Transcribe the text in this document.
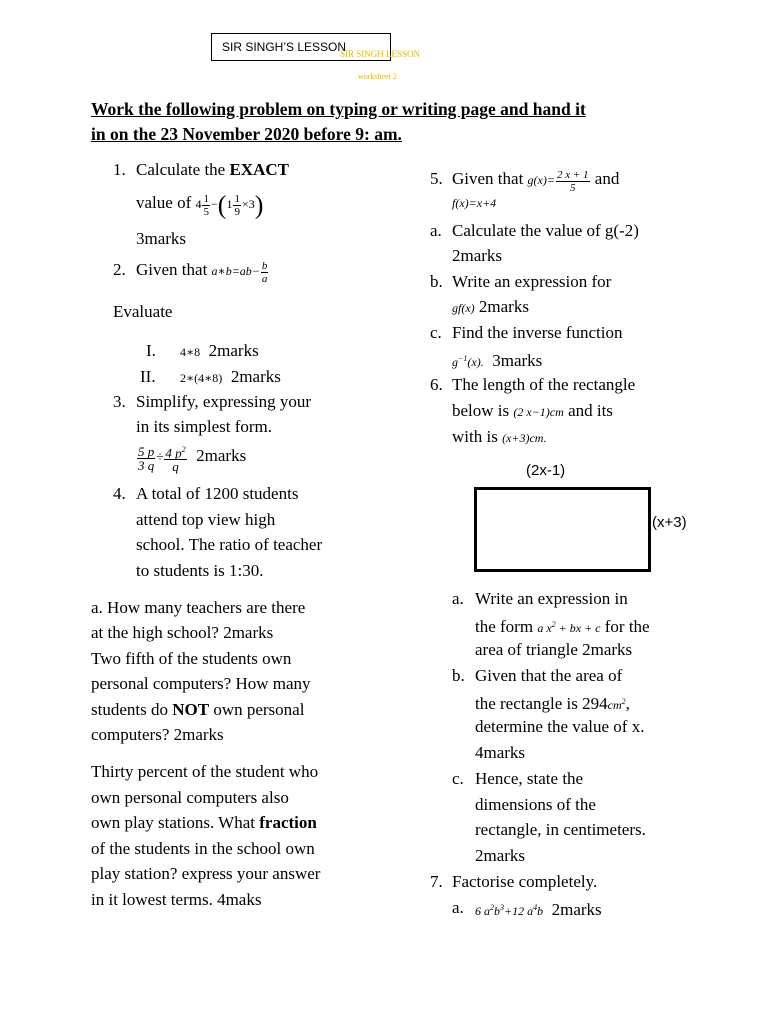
SIR SINGH’S LESSON
SIR SINGH LESSON
worksheet 2
Work the following problem on typing or writing page and hand it
in on the 23 November 2020 before 9: am.
1. Calculate the EXACT
value of $4 \frac{1}{5} -(1 \frac{1}{9} \times 3)$
3marks
2. Given that a∗b=ab− $\frac{b}{a}$
Evaluate
I. 4∗8 2marks
II. 2∗(4∗8) 2marks
3. Simplify, expressing your
in its simplest form.
$\frac{5 p}{3 q} \div \frac{4 p^2}{q}$ 2marks
4. A total of 1200 students
attend top view high
school. The ratio of teacher
to students is 1:30.
a. How many teachers are there
at the high school? 2marks
Two fifth of the students own
personal computers? How many
students do NOT own personal
computers? 2marks
Thirty percent of the student who
own personal computers also
own play stations. What fraction
of the students in the school own
play station? express your answer
in it lowest terms. 4maks
5. Given that $g(x)= \frac{2 x + 1}{5}$ and
f(x)=x+4
a. Calculate the value of g(-2)
2marks
b. Write an expression for
gf(x) 2marks
c. Find the inverse function
$g^{-1}(x)$. 3marks
6. The length of the rectangle
below is (2 x−1)cm and its
with is (x+3)cm.
(2x-1)
(x+3)
a. Write an expression in
the form a $x^2$ + bx + c for the
area of triangle 2marks
b. Given that the area of
the rectangle is $294cm^2$,
determine the value of x.
4marks
c. Hence, state the
dimensions of the
rectangle, in centimeters.
2marks
7. Factorise completely.
a. 6 $a^2b^3+12$ $a^4b$ 2marks
